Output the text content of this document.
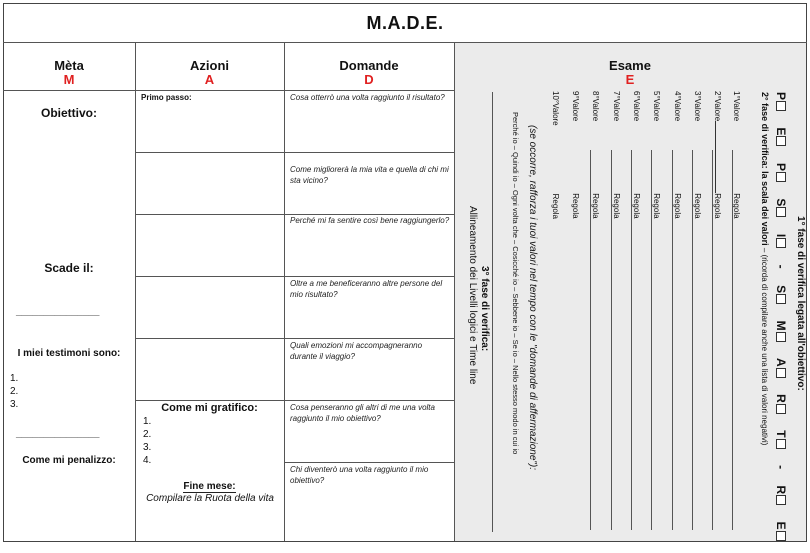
M.A.D.E.
Mèta
M
Azioni
A
Domande
D
Esame
E
Obiettivo:
Scade il:
_______________
I miei testimoni sono:
1.
2.
3.
_______________
Come mi penalizzo:
Primo passo:
Come mi gratifico:
1.
2.
3.
4.
Fine mese:
Compilare la Ruota della vita
Cosa otterrò una volta raggiunto il risultato?
Come migliorerà la mia vita e quella di chi mi sta vicino?
Perché mi fa sentire così bene raggiungerlo?
Oltre a me beneficeranno altre persone del mio risultato?
Quali emozioni mi accompagneranno durante il viaggio?
Cosa penseranno gli altri di me una volta raggiunto il mio obiettivo?
Chi diventerò una volta raggiunto il mio obiettivo?
1° fase di verifica legata all'obiettivo:
P E P S I - S M A R T - R E
2° fase di verifica: la scala dei valori – (ricorda di compilare anche una lista di valori negativi)
1°ValoreRegola
2°ValoreRegola
3°ValoreRegola
4°ValoreRegola
5°ValoreRegola
6°ValoreRegola
7°ValoreRegola
8°ValoreRegola
9°ValoreRegola
10°ValoreRegola
(se occorre, rafforza i tuoi valori nel tempo con le "domande di affermazione"):
Perché io – Quindi io – Ogni volta che – Cosicché io – Sebbene io – Se io – Nello stesso modo in cui io
3° fase di verifica:
Allineamento dei Livelli logici e Time line
